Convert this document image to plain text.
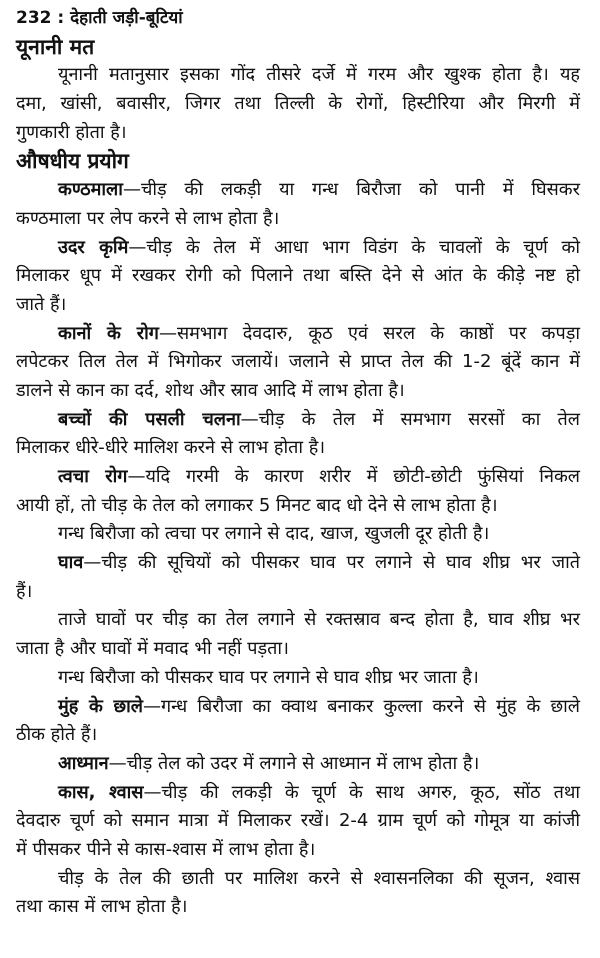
232 : देहाती जड़ी-बूटियां
यूनानी मत
यूनानी मतानुसार इसका गोंद तीसरे दर्जे में गरम और खुश्क होता है। यह
दमा, खांसी, बवासीर, जिगर तथा तिल्ली के रोगों, हिस्टीरिया और मिरगी में
गुणकारी होता है।
औषधीय प्रयोग
कण्ठमाला—चीड़ की लकड़ी या गन्ध बिरौजा को पानी में घिसकर
कण्ठमाला पर लेप करने से लाभ होता है।
उदर कृमि—चीड़ के तेल में आधा भाग विडंग के चावलों के चूर्ण को
मिलाकर धूप में रखकर रोगी को पिलाने तथा बस्ति देने से आंत के कीड़े नष्ट हो
जाते हैं।
कानों के रोग—समभाग देवदारु, कूठ एवं सरल के काष्ठों पर कपड़ा
लपेटकर तिल तेल में भिगोकर जलायें। जलाने से प्राप्त तेल की 1-2 बूंदें कान में
डालने से कान का दर्द, शोथ और स्राव आदि में लाभ होता है।
बच्चों की पसली चलना—चीड़ के तेल में समभाग सरसों का तेल
मिलाकर धीरे-धीरे मालिश करने से लाभ होता है।
त्वचा रोग—यदि गरमी के कारण शरीर में छोटी-छोटी फुंसियां निकल
आयी हों, तो चीड़ के तेल को लगाकर 5 मिनट बाद धो देने से लाभ होता है।
गन्ध बिरौजा को त्वचा पर लगाने से दाद, खाज, खुजली दूर होती है।
घाव—चीड़ की सूचियों को पीसकर घाव पर लगाने से घाव शीघ्र भर जाते
हैं।
ताजे घावों पर चीड़ का तेल लगाने से रक्तस्राव बन्द होता है, घाव शीघ्र भर
जाता है और घावों में मवाद भी नहीं पड़ता।
गन्ध बिरौजा को पीसकर घाव पर लगाने से घाव शीघ्र भर जाता है।
मुंह के छाले—गन्ध बिरौजा का क्वाथ बनाकर कुल्ला करने से मुंह के छाले
ठीक होते हैं।
आध्मान—चीड़ तेल को उदर में लगाने से आध्मान में लाभ होता है।
कास, श्वास—चीड़ की लकड़ी के चूर्ण के साथ अगरु, कूठ, सोंठ तथा
देवदारु चूर्ण को समान मात्रा में मिलाकर रखें। 2-4 ग्राम चूर्ण को गोमूत्र या कांजी
में पीसकर पीने से कास-श्वास में लाभ होता है।
चीड़ के तेल की छाती पर मालिश करने से श्वासनलिका की सूजन, श्वास
तथा कास में लाभ होता है।
